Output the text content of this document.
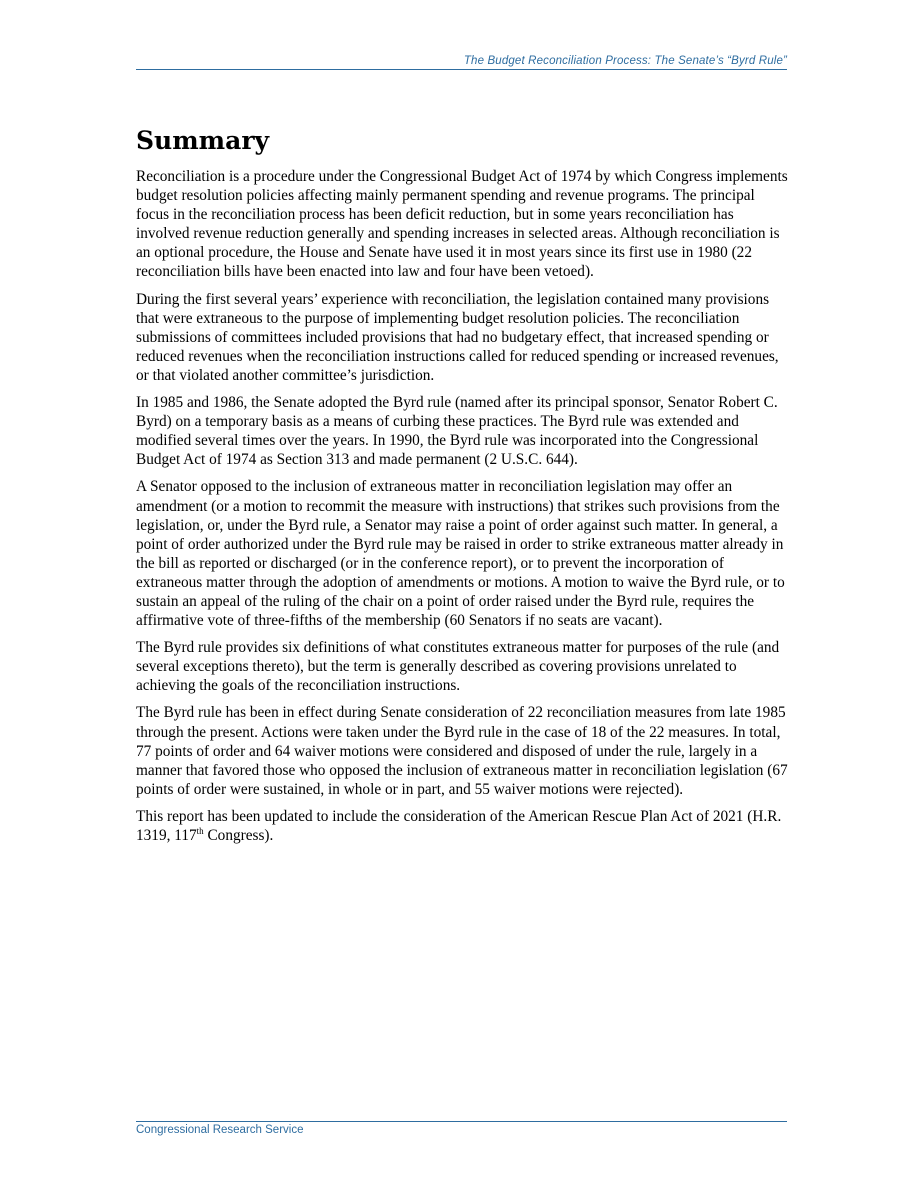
The Budget Reconciliation Process: The Senate’s “Byrd Rule”
Summary

Reconciliation is a procedure under the Congressional Budget Act of 1974 by which Congress implements budget resolution policies affecting mainly permanent spending and revenue programs. The principal focus in the reconciliation process has been deficit reduction, but in some years reconciliation has involved revenue reduction generally and spending increases in selected areas. Although reconciliation is an optional procedure, the House and Senate have used it in most years since its first use in 1980 (22 reconciliation bills have been enacted into law and four have been vetoed).

During the first several years’ experience with reconciliation, the legislation contained many provisions that were extraneous to the purpose of implementing budget resolution policies. The reconciliation submissions of committees included provisions that had no budgetary effect, that increased spending or reduced revenues when the reconciliation instructions called for reduced spending or increased revenues, or that violated another committee’s jurisdiction.

In 1985 and 1986, the Senate adopted the Byrd rule (named after its principal sponsor, Senator Robert C. Byrd) on a temporary basis as a means of curbing these practices. The Byrd rule was extended and modified several times over the years. In 1990, the Byrd rule was incorporated into the Congressional Budget Act of 1974 as Section 313 and made permanent (2 U.S.C. 644).

A Senator opposed to the inclusion of extraneous matter in reconciliation legislation may offer an amendment (or a motion to recommit the measure with instructions) that strikes such provisions from the legislation, or, under the Byrd rule, a Senator may raise a point of order against such matter. In general, a point of order authorized under the Byrd rule may be raised in order to strike extraneous matter already in the bill as reported or discharged (or in the conference report), or to prevent the incorporation of extraneous matter through the adoption of amendments or motions. A motion to waive the Byrd rule, or to sustain an appeal of the ruling of the chair on a point of order raised under the Byrd rule, requires the affirmative vote of three-fifths of the membership (60 Senators if no seats are vacant).

The Byrd rule provides six definitions of what constitutes extraneous matter for purposes of the rule (and several exceptions thereto), but the term is generally described as covering provisions unrelated to achieving the goals of the reconciliation instructions.

The Byrd rule has been in effect during Senate consideration of 22 reconciliation measures from late 1985 through the present. Actions were taken under the Byrd rule in the case of 18 of the 22 measures. In total, 77 points of order and 64 waiver motions were considered and disposed of under the rule, largely in a manner that favored those who opposed the inclusion of extraneous matter in reconciliation legislation (67 points of order were sustained, in whole or in part, and 55 waiver motions were rejected).

This report has been updated to include the consideration of the American Rescue Plan Act of 2021 (H.R. 1319, 117th Congress).

Congressional Research Service
